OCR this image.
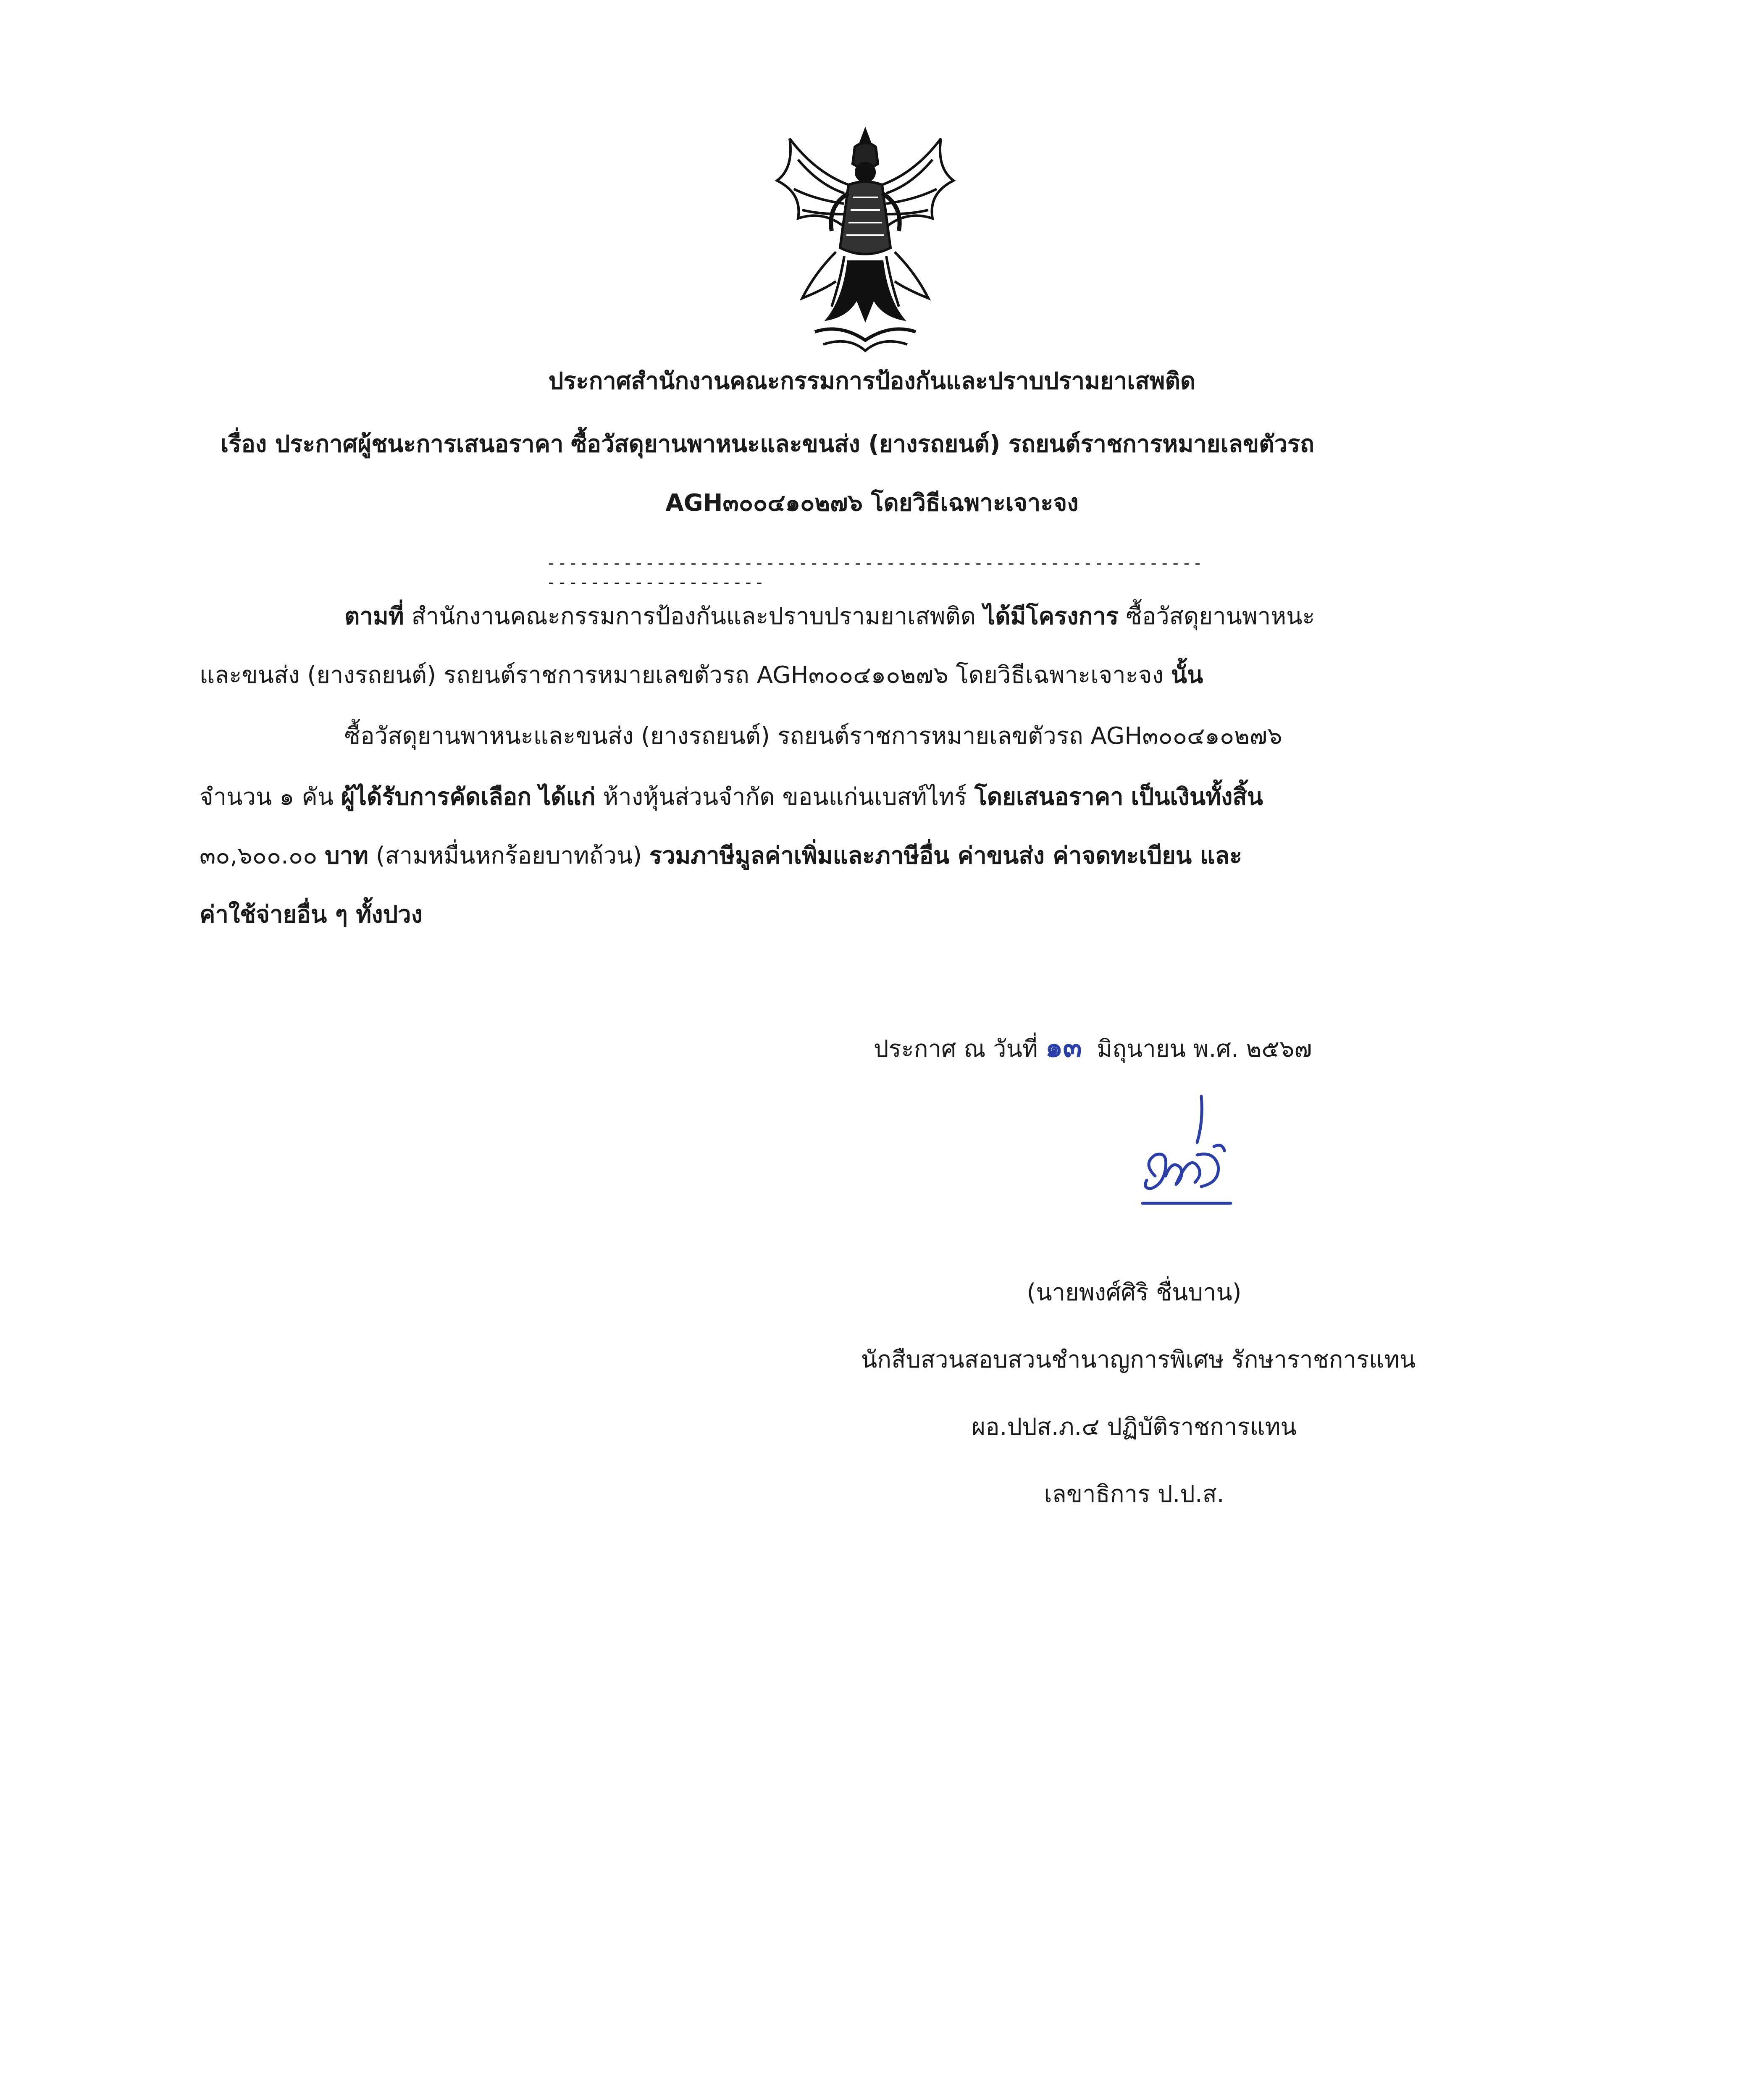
ประกาศสำนักงานคณะกรรมการป้องกันและปราบปรามยาเสพติด
เรื่อง ประกาศผู้ชนะการเสนอราคา ซื้อวัสดุยานพาหนะและขนส่ง (ยางรถยนต์) รถยนต์ราชการหมายเลขตัวรถ
AGH๓๐๐๔๑๐๒๗๖ โดยวิธีเฉพาะเจาะจง
--------------------------------------------------------------------------------
ตามที่ สำนักงานคณะกรรมการป้องกันและปราบปรามยาเสพติด ได้มีโครงการ ซื้อวัสดุยานพาหนะ
และขนส่ง (ยางรถยนต์) รถยนต์ราชการหมายเลขตัวรถ AGH๓๐๐๔๑๐๒๗๖ โดยวิธีเฉพาะเจาะจง นั้น
ซื้อวัสดุยานพาหนะและขนส่ง (ยางรถยนต์) รถยนต์ราชการหมายเลขตัวรถ AGH๓๐๐๔๑๐๒๗๖
จำนวน ๑ คัน ผู้ได้รับการคัดเลือก ได้แก่ ห้างหุ้นส่วนจำกัด ขอนแก่นเบสท์ไทร์ โดยเสนอราคา เป็นเงินทั้งสิ้น
๓๐,๖๐๐.๐๐ บาท (สามหมื่นหกร้อยบาทถ้วน) รวมภาษีมูลค่าเพิ่มและภาษีอื่น ค่าขนส่ง ค่าจดทะเบียน และ
ค่าใช้จ่ายอื่น ๆ ทั้งปวง
ประกาศ ณ วันที่ ๑๓ มิถุนายน พ.ศ. ๒๕๖๗
(นายพงศ์ศิริ ชื่นบาน)
นักสืบสวนสอบสวนชำนาญการพิเศษ รักษาราชการแทน
ผอ.ปปส.ภ.๔ ปฏิบัติราชการแทน
เลขาธิการ ป.ป.ส.
